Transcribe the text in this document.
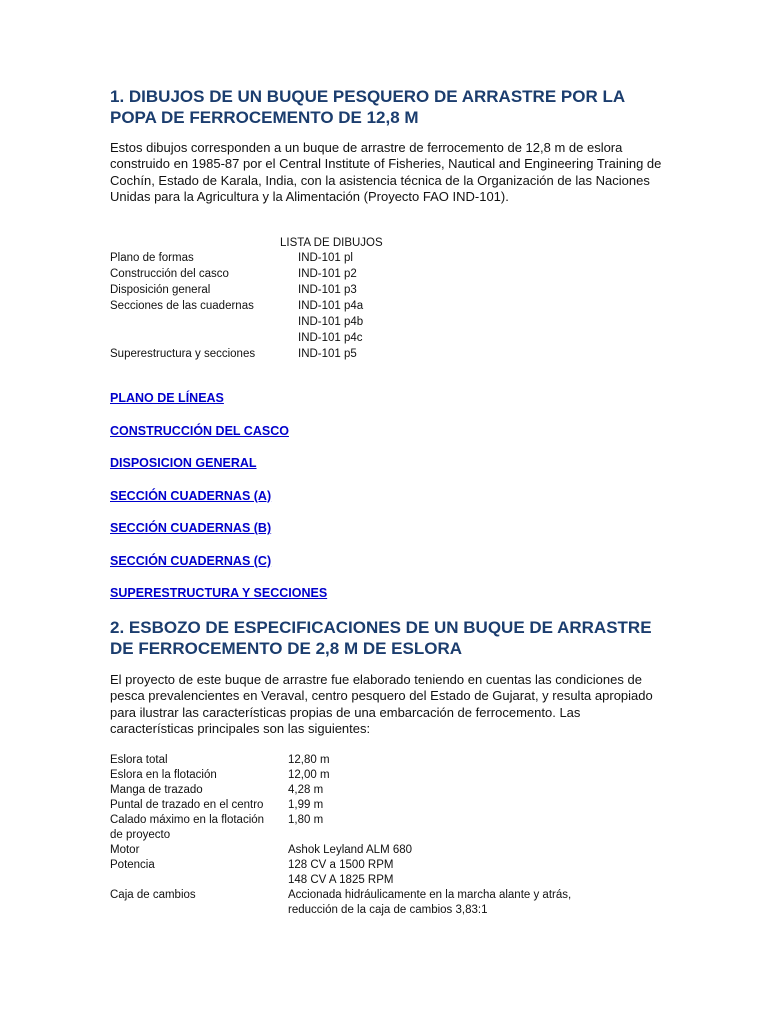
1. DIBUJOS DE UN BUQUE PESQUERO DE ARRASTRE POR LA POPA DE FERROCEMENTO DE 12,8 M

Estos dibujos corresponden a un buque de arrastre de ferrocemento de 12,8 m de eslora construido en 1985-87 por el Central Institute of Fisheries, Nautical and Engineering Training de Cochín, Estado de Karala, India, con la asistencia técnica de la Organización de las Naciones Unidas para la Agricultura y la Alimentación (Proyecto FAO IND-101).

LISTA DE DIBUJOS
Plano de formas	IND-101 pl
Construcción del casco	IND-101 p2
Disposición general	IND-101 p3
Secciones de las cuadernas	IND-101 p4a
	IND-101 p4b
	IND-101 p4c
Superestructura y secciones	IND-101 p5
PLANO DE LÍNEAS
CONSTRUCCIÓN DEL CASCO
DISPOSICION GENERAL
SECCIÓN CUADERNAS (A)
SECCIÓN CUADERNAS (B)
SECCIÓN CUADERNAS (C)
SUPERESTRUCTURA Y SECCIONES
2. ESBOZO DE ESPECIFICACIONES DE UN BUQUE DE ARRASTRE DE FERROCEMENTO DE 2,8 M DE ESLORA

El proyecto de este buque de arrastre fue elaborado teniendo en cuentas las condiciones de pesca prevalencientes en Veraval, centro pesquero del Estado de Gujarat, y resulta apropiado para ilustrar las características propias de una embarcación de ferrocemento. Las características principales son las siguientes:

Eslora total	12,80 m
Eslora en la flotación	12,00 m
Manga de trazado	4,28 m
Puntal de trazado en el centro	1,99 m
Calado máximo en la flotación	1,80 m
de proyecto	
Motor	Ashok Leyland ALM 680
Potencia	128 CV a 1500 RPM
	148 CV A 1825 RPM
Caja de cambios	Accionada hidráulicamente en la marcha alante y atrás,
	reducción de la caja de cambios 3,83:1
